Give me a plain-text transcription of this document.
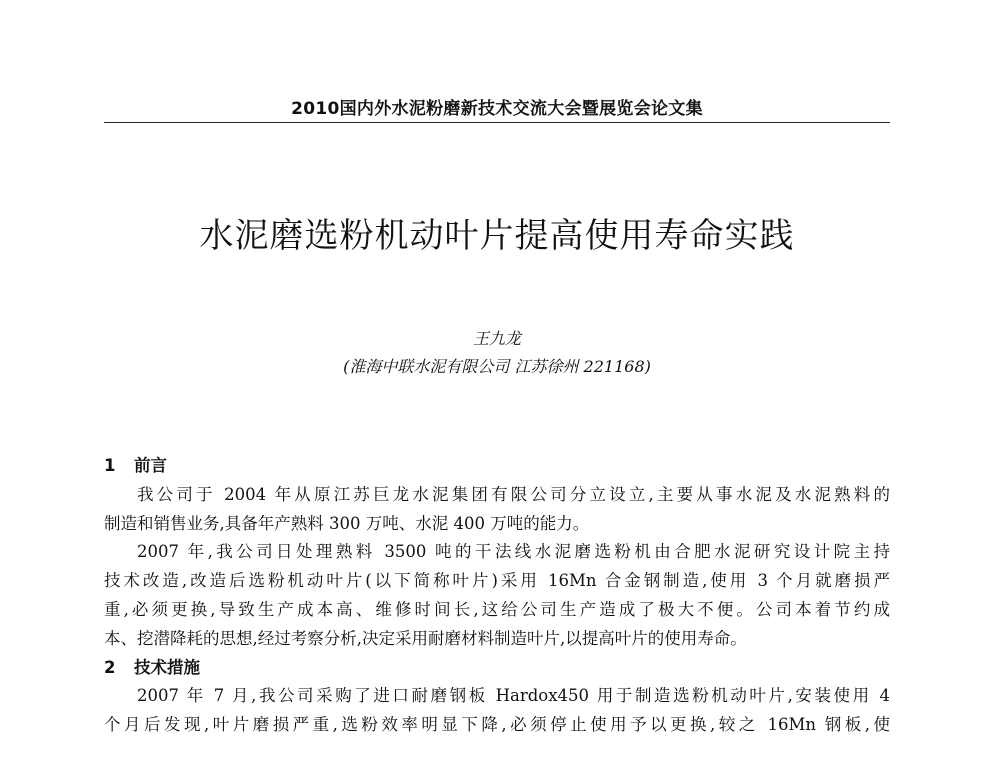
2010国内外水泥粉磨新技术交流大会暨展览会论文集
水泥磨选粉机动叶片提高使用寿命实践
王九龙
(淮海中联水泥有限公司 江苏徐州 221168)
1 前言
我公司于 2004 年从原江苏巨龙水泥集团有限公司分立设立,主要从事水泥及水泥熟料的
制造和销售业务,具备年产熟料 300 万吨、水泥 400 万吨的能力。
2007 年,我公司日处理熟料 3500 吨的干法线水泥磨选粉机由合肥水泥研究设计院主持
技术改造,改造后选粉机动叶片(以下简称叶片)采用 16Mn 合金钢制造,使用 3 个月就磨损严
重,必须更换,导致生产成本高、维修时间长,这给公司生产造成了极大不便。公司本着节约成
本、挖潜降耗的思想,经过考察分析,决定采用耐磨材料制造叶片,以提高叶片的使用寿命。
2 技术措施
2007 年 7 月,我公司采购了进口耐磨钢板 Hardox450 用于制造选粉机动叶片,安装使用 4
个月后发现,叶片磨损严重,选粉效率明显下降,必须停止使用予以更换,较之 16Mn 钢板,使
